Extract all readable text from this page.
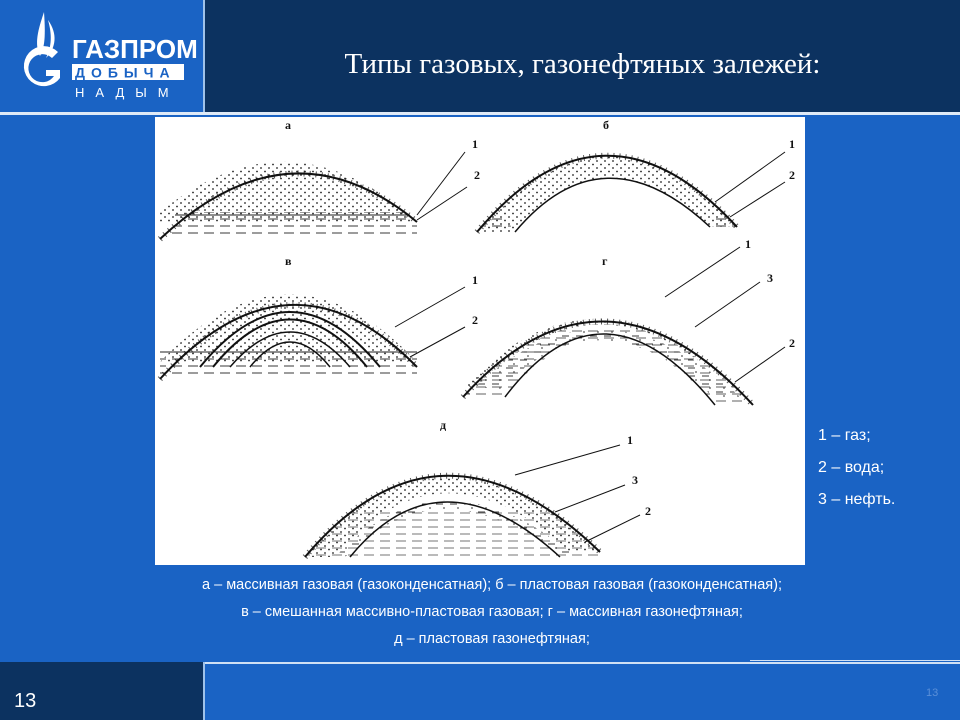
ГАЗПРОМ
ДОБЫЧА
НАДЫМ
Типы газовых, газонефтяных залежей:
а
1
2
б
1
2
в
1
2
г
1
3
2
д
1
3
2
1 – газ;
2 – вода;
3 – нефть.
а – массивная газовая (газоконденсатная); б – пластовая газовая (газоконденсатная);
в – смешанная массивно-пластовая газовая; г – массивная газонефтяная;
д – пластовая газонефтяная;
13	13
